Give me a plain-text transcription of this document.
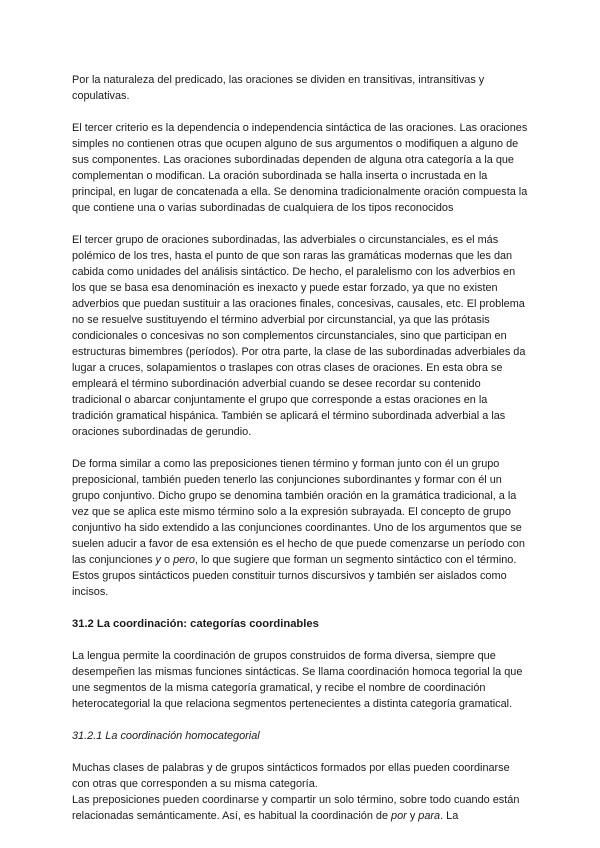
Por la naturaleza del predicado, las oraciones se dividen en transitivas, intransitivas y copulativas.

El tercer criterio es la dependencia o independencia sintáctica de las oraciones. Las oraciones simples no contienen otras que ocupen alguno de sus argumentos o modifiquen a alguno de sus componentes. Las oraciones subordinadas dependen de alguna otra categoría a la que complementan o modifican. La oración subordinada se halla inserta o incrustada en la principal, en lugar de concatenada a ella. Se denomina tradicionalmente oración compuesta la que contiene una o varias subordinadas de cualquiera de los tipos reconocidos

El tercer grupo de oraciones subordinadas, las adverbiales o circunstanciales, es el más polémico de los tres, hasta el punto de que son raras las gramáticas modernas que les dan cabida como unidades del análisis sintáctico. De hecho, el paralelismo con los adverbios en los que se basa esa denominación es inexacto y puede estar forzado, ya que no existen adverbios que puedan sustituir a las oraciones finales, concesivas, causales, etc. El problema no se resuelve sustituyendo el término adverbial por circunstancial, ya que las prótasis condicionales o concesivas no son complementos circunstanciales, sino que participan en estructuras bimembres (períodos). Por otra parte, la clase de las subordinadas adverbiales da lugar a cruces, solapamientos o traslapes con otras clases de oraciones. En esta obra se empleará el término subordinación adverbial cuando se desee recordar su contenido tradicional o abarcar conjuntamente el grupo que corresponde a estas oraciones en la tradición gramatical hispánica. También se aplicará el término subordinada adverbial a las oraciones subordinadas de gerundio.

De forma similar a como las preposiciones tienen término y forman junto con él un grupo preposicional, también pueden tenerlo las conjunciones subordinantes y formar con él un grupo conjuntivo. Dicho grupo se denomina también oración en la gramática tradicional, a la vez que se aplica este mismo término solo a la expresión subrayada. El concepto de grupo conjuntivo ha sido extendido a las conjunciones coordinantes. Uno de los argumentos que se suelen aducir a favor de esa extensión es el hecho de que puede comenzarse un período con las conjunciones y o pero, lo que sugiere que forman un segmento sintáctico con el término. Estos grupos sintácticos pueden constituir turnos discursivos y también ser aislados como incisos.

31.2 La coordinación: categorías coordinables

La lengua permite la coordinación de grupos construidos de forma diversa, siempre que desempeñen las mismas funciones sintácticas. Se llama coordinación homoca tegorial la que une segmentos de la misma categoría gramatical, y recibe el nombre de coordinación heterocategorial la que relaciona segmentos pertenecientes a distinta categoría gramatical.

31.2.1 La coordinación homocategorial

Muchas clases de palabras y de grupos sintácticos formados por ellas pueden coordinarse con otras que corresponden a su misma categoría.

Las preposiciones pueden coordinarse y compartir un solo término, sobre todo cuando están relacionadas semánticamente. Así, es habitual la coordinación de por y para. La
